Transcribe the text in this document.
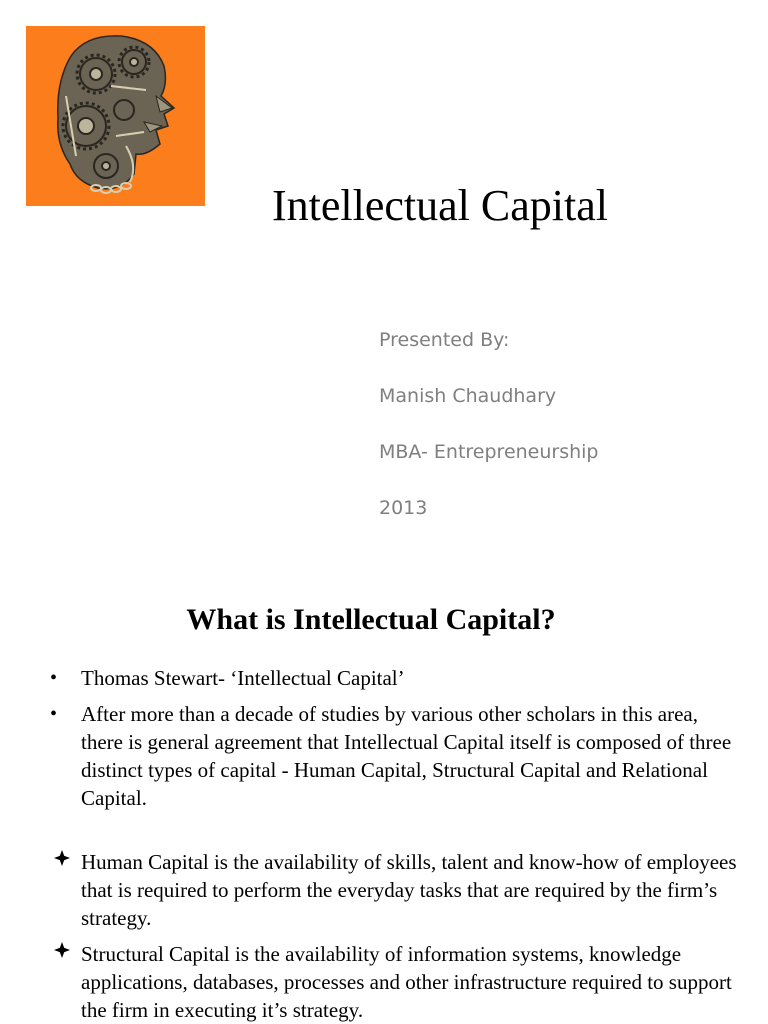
Intellectual Capital
Presented By:
Manish Chaudhary
MBA- Entrepreneurship
2013
What is Intellectual Capital?
• Thomas Stewart- ‘Intellectual Capital’
• After more than a decade of studies by various other scholars in this area, there is general agreement that Intellectual Capital itself is composed of three distinct types of capital - Human Capital, Structural Capital and Relational Capital.
Human Capital is the availability of skills, talent and know-how of employees that is required to perform the everyday tasks that are required by the firm’s strategy.
Structural Capital is the availability of information systems, knowledge applications, databases, processes and other infrastructure required to support the firm in executing it’s strategy.
